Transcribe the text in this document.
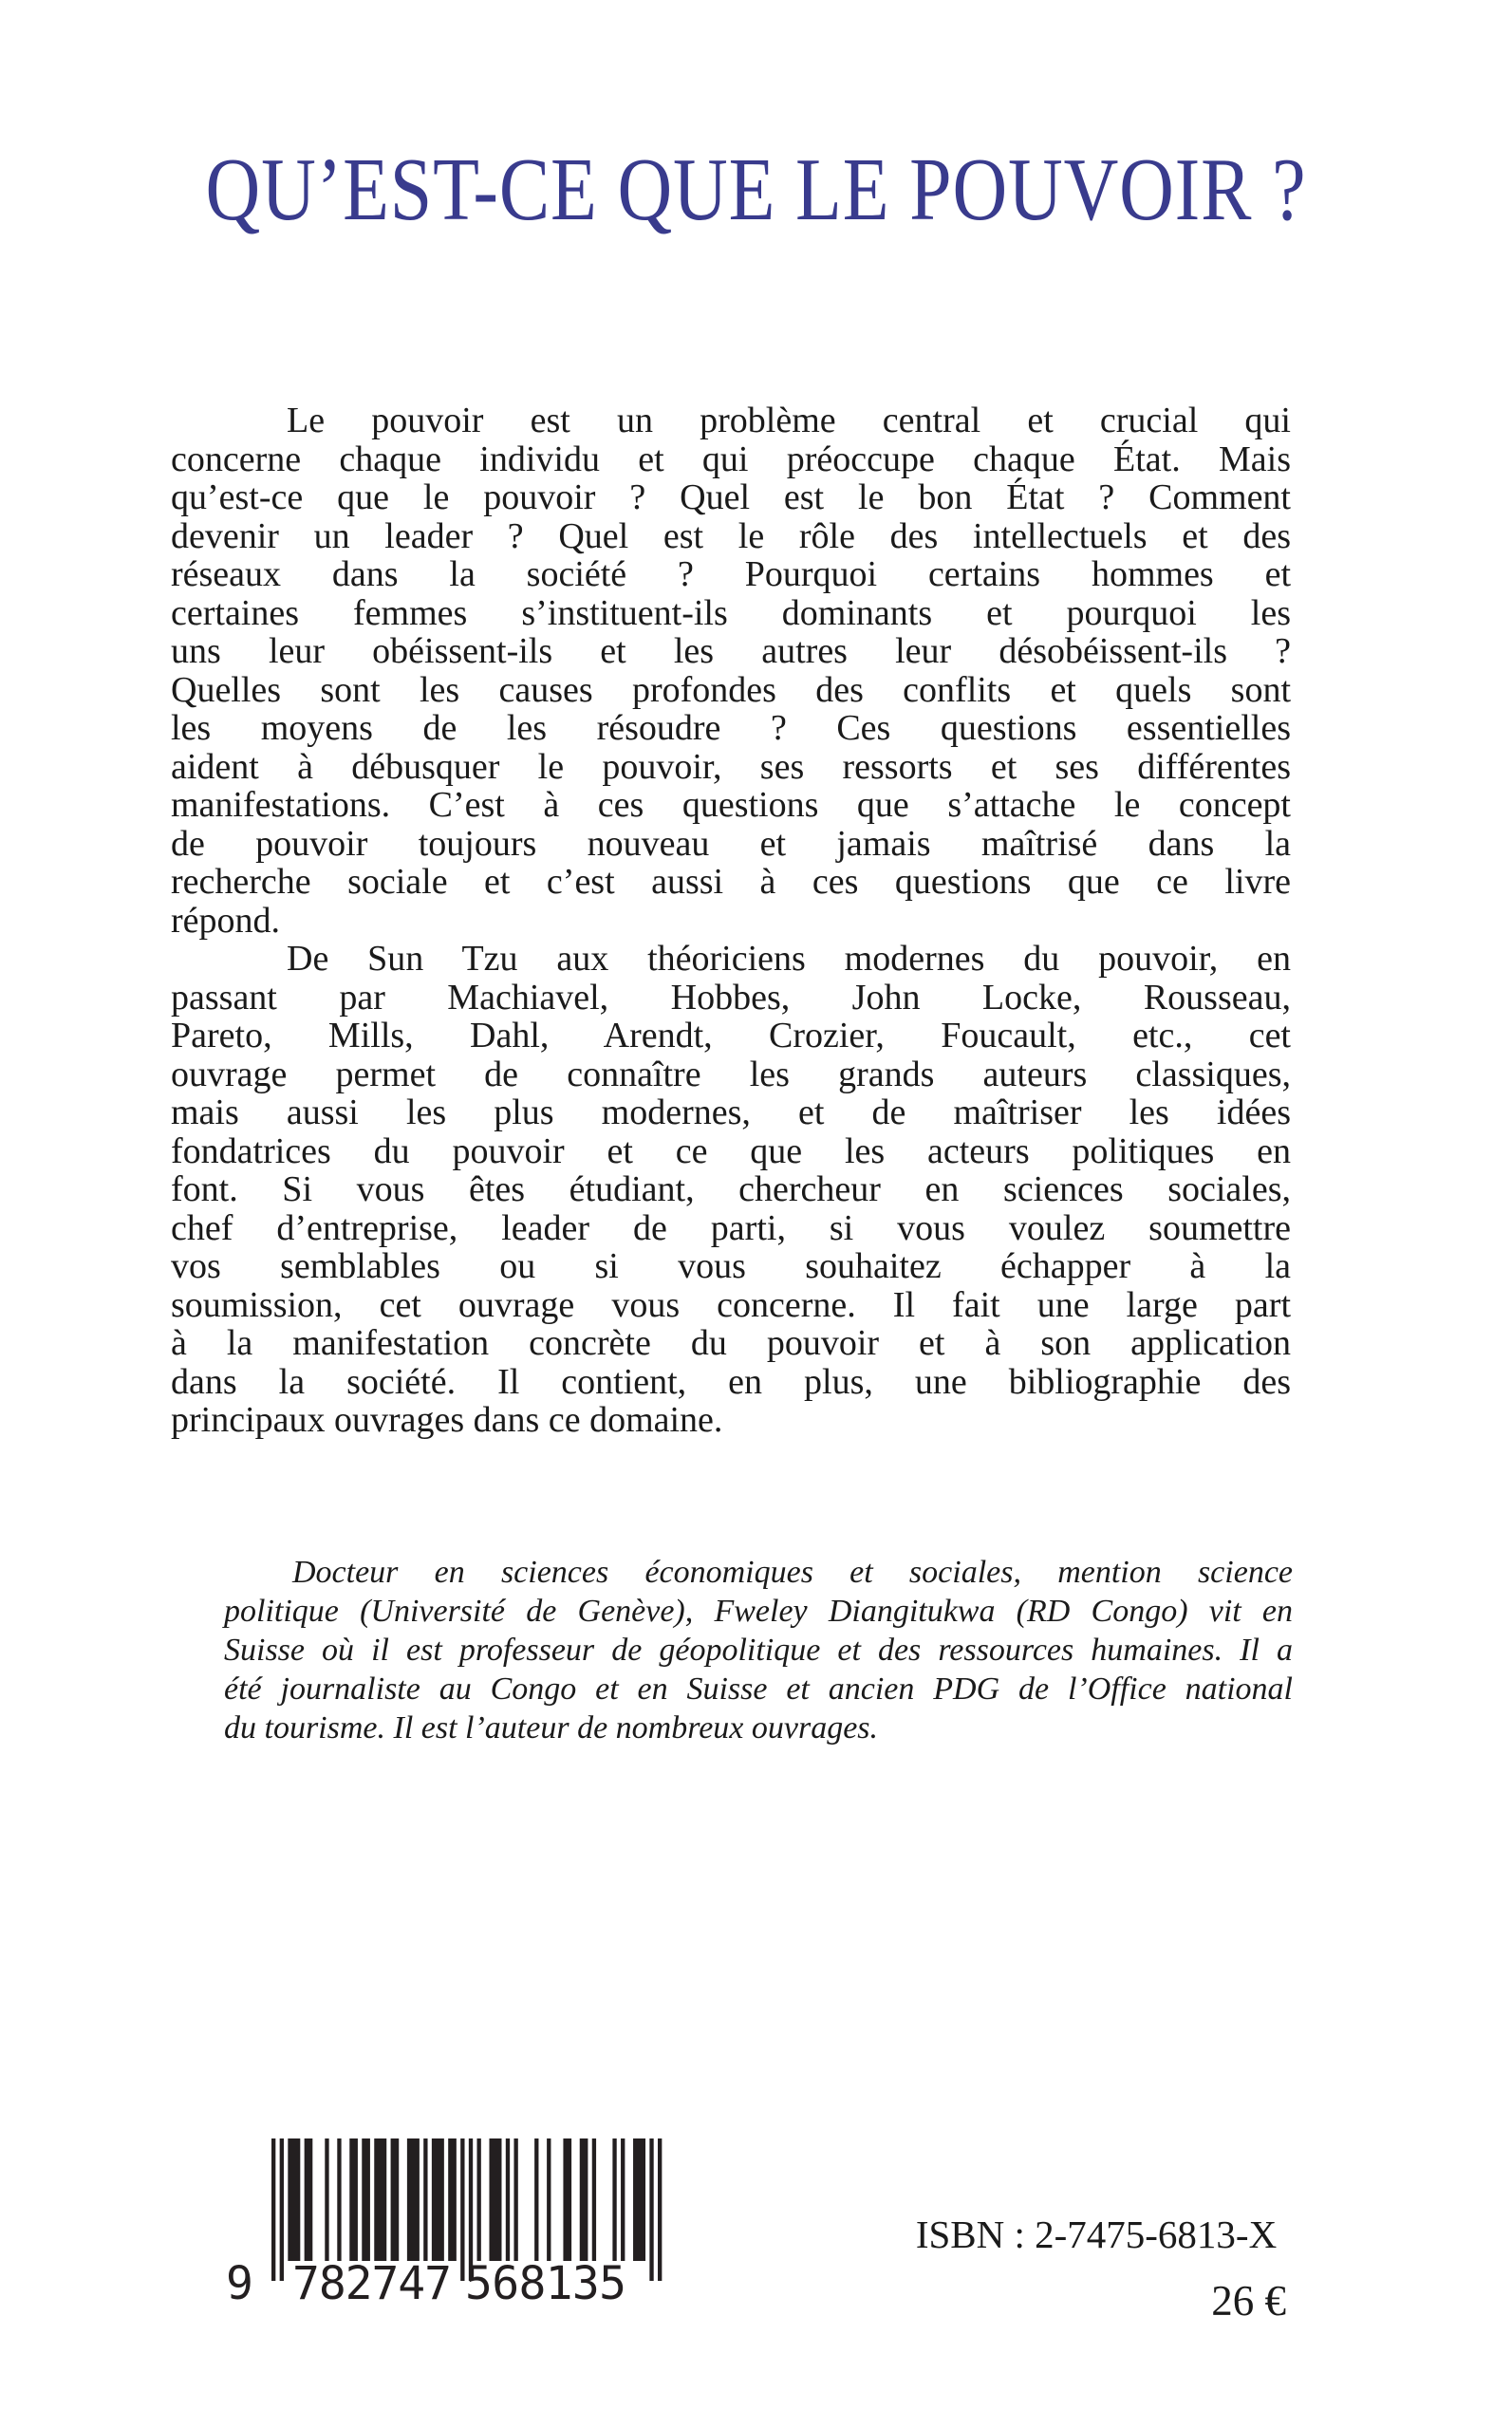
QU’EST-CE QUE LE POUVOIR ?
Le pouvoir est un problème central et crucial qui
concerne chaque individu et qui préoccupe chaque État. Mais
qu’est-ce que le pouvoir ? Quel est le bon État ? Comment
devenir un leader ? Quel est le rôle des intellectuels et des
réseaux dans la société ? Pourquoi certains hommes et
certaines femmes s’instituent-ils dominants et pourquoi les
uns leur obéissent-ils et les autres leur désobéissent-ils ?
Quelles sont les causes profondes des conflits et quels sont
les moyens de les résoudre ? Ces questions essentielles
aident à débusquer le pouvoir, ses ressorts et ses différentes
manifestations. C’est à ces questions que s’attache le concept
de pouvoir toujours nouveau et jamais maîtrisé dans la
recherche sociale et c’est aussi à ces questions que ce livre
répond.
De Sun Tzu aux théoriciens modernes du pouvoir, en
passant par Machiavel, Hobbes, John Locke, Rousseau,
Pareto, Mills, Dahl, Arendt, Crozier, Foucault, etc., cet
ouvrage permet de connaître les grands auteurs classiques,
mais aussi les plus modernes, et de maîtriser les idées
fondatrices du pouvoir et ce que les acteurs politiques en
font. Si vous êtes étudiant, chercheur en sciences sociales,
chef d’entreprise, leader de parti, si vous voulez soumettre
vos semblables ou si vous souhaitez échapper à la
soumission, cet ouvrage vous concerne. Il fait une large part
à la manifestation concrète du pouvoir et à son application
dans la société. Il contient, en plus, une bibliographie des
principaux ouvrages dans ce domaine.
Docteur en sciences économiques et sociales, mention science
politique (Université de Genève), Fweley Diangitukwa (RD Congo) vit en
Suisse où il est professeur de géopolitique et des ressources humaines. Il a
été journaliste au Congo et en Suisse et ancien PDG de l’Office national
du tourisme. Il est l’auteur de nombreux ouvrages.
9 782747 568135
ISBN : 2-7475-6813-X
26 €
